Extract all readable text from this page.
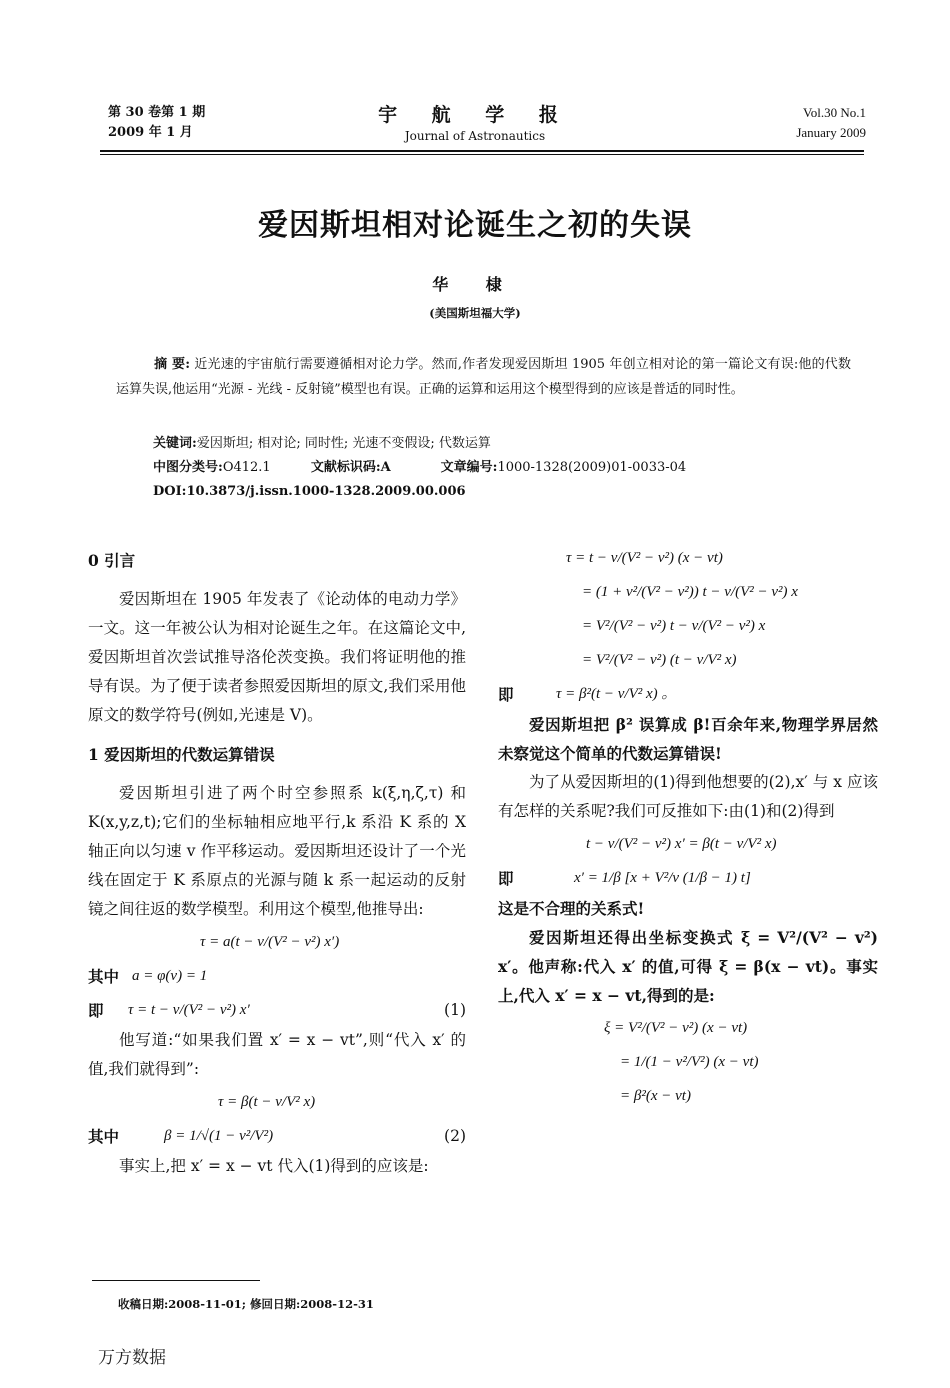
第 30 卷第 1 期
2009 年 1 月
宇 航 学 报
Journal of Astronautics
Vol.30 No.1
January 2009
爱因斯坦相对论诞生之初的失误
华 棣
(美国斯坦福大学)
摘 要: 近光速的宇宙航行需要遵循相对论力学。然而,作者发现爱因斯坦 1905 年创立相对论的第一篇论文有误:他的代数运算失误,他运用“光源 - 光线 - 反射镜”模型也有误。正确的运算和运用这个模型得到的应该是普适的同时性。
关键词:爱因斯坦; 相对论; 同时性; 光速不变假设; 代数运算
中图分类号:O412.1	文献标识码:A	文章编号:1000-1328(2009)01-0033-04
DOI:10.3873/j.issn.1000-1328.2009.00.006
0 引言

爱因斯坦在 1905 年发表了《论动体的电动力学》一文。这一年被公认为相对论诞生之年。在这篇论文中,爱因斯坦首次尝试推导洛伦茨变换。我们将证明他的推导有误。为了便于读者参照爱因斯坦的原文,我们采用他原文的数学符号(例如,光速是 V)。

1 爱因斯坦的代数运算错误

爱因斯坦引进了两个时空参照系 k(ξ,η,ζ,τ) 和 K(x,y,z,t);它们的坐标轴相应地平行,k 系沿 K 系的 X 轴正向以匀速 v 作平移运动。爱因斯坦还设计了一个光线在固定于 K 系原点的光源与随 k 系一起运动的反射镜之间往返的数学模型。利用这个模型,他推导出:

τ = a(t − v/(V² − v²) x′)
其中 a = φ(v) = 1
即 τ = t − v/(V² − v²) x′	(1)

他写道:“如果我们置 x′ = x − vt”,则“代入 x′ 的值,我们就得到”:

τ = β(t − v/V² x)
其中	β = 1/√(1 − v²/V²)	(2)

事实上,把 x′ = x − vt 代入(1)得到的应该是:

τ = t − v/(V² − v²) (x − vt)
= (1 + v²/(V² − v²)) t − v/(V² − v²) x
= V²/(V² − v²) t − v/(V² − v²) x
= V²/(V² − v²) (t − v/V² x)
即	τ = β²(t − v/V² x) 。

爱因斯坦把 β² 误算成 β!百余年来,物理学界居然未察觉这个简单的代数运算错误!

为了从爱因斯坦的(1)得到他想要的(2),x′ 与 x 应该有怎样的关系呢?我们可反推如下:由(1)和(2)得到

t − v/(V² − v²) x′ = β(t − v/V² x)
即	x′ = 1/β [x + V²/v (1/β − 1) t]
这是不合理的关系式!

爱因斯坦还得出坐标变换式 ξ = V²/(V² − v²) x′。他声称:代入 x′ 的值,可得 ξ = β(x − vt)。事实上,代入 x′ = x − vt,得到的是:

ξ = V²/(V² − v²) (x − vt)
= 1/(1 − v²/V²) (x − vt)
= β²(x − vt)
收稿日期:2008-11-01; 修回日期:2008-12-31
万方数据
